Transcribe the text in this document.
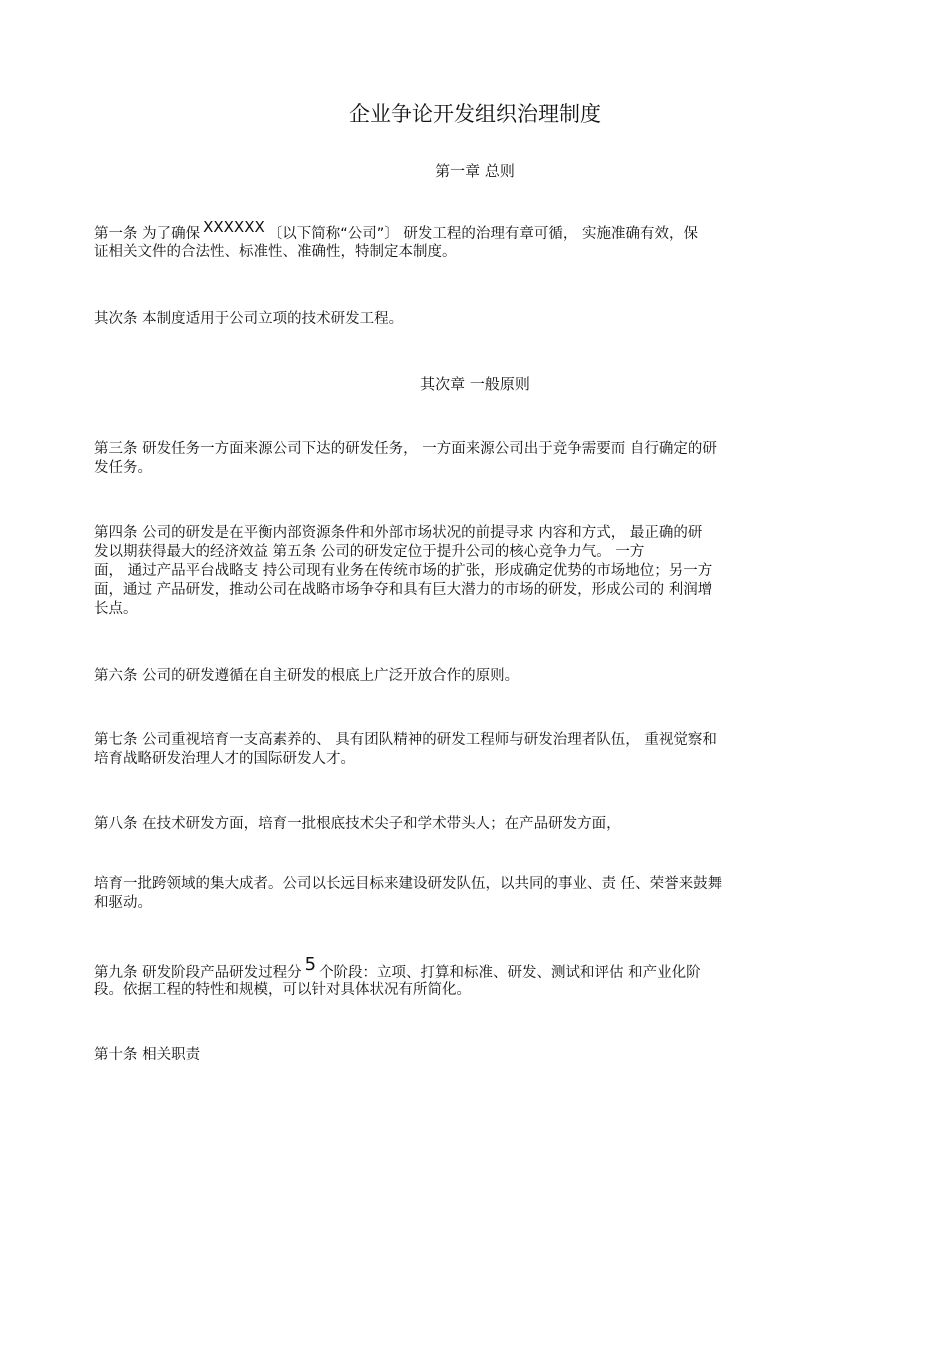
企业争论开发组织治理制度
第一章 总则
第一条 为了确保 XXXXXX 〔以下简称“公司”〕 研发工程的治理有章可循， 实施准确有效，保
证相关文件的合法性、标准性、准确性，特制定本制度。
其次条 本制度适用于公司立项的技术研发工程。
其次章 一般原则
第三条 研发任务一方面来源公司下达的研发任务， 一方面来源公司出于竞争需要而 自行确定的研
发任务。
第四条 公司的研发是在平衡内部资源条件和外部市场状况的前提寻求 内容和方式， 最正确的研
发以期获得最大的经济效益 第五条 公司的研发定位于提升公司的核心竞争力气。 一方
面， 通过产品平台战略支 持公司现有业务在传统市场的扩张，形成确定优势的市场地位；另一方
面，通过 产品研发，推动公司在战略市场争夺和具有巨大潜力的市场的研发，形成公司的 利润增
长点。
第六条 公司的研发遵循在自主研发的根底上广泛开放合作的原则。
第七条 公司重视培育一支高素养的、 具有团队精神的研发工程师与研发治理者队伍， 重视觉察和
培育战略研发治理人才的国际研发人才。
第八条 在技术研发方面，培育一批根底技术尖子和学术带头人；在产品研发方面，
培育一批跨领域的集大成者。公司以长远目标来建设研发队伍，以共同的事业、责 任、荣誉来鼓舞
和驱动。
第九条 研发阶段产品研发过程分 5 个阶段：立项、打算和标准、研发、测试和评估 和产业化阶
段。依据工程的特性和规模，可以针对具体状况有所简化。
第十条 相关职责
